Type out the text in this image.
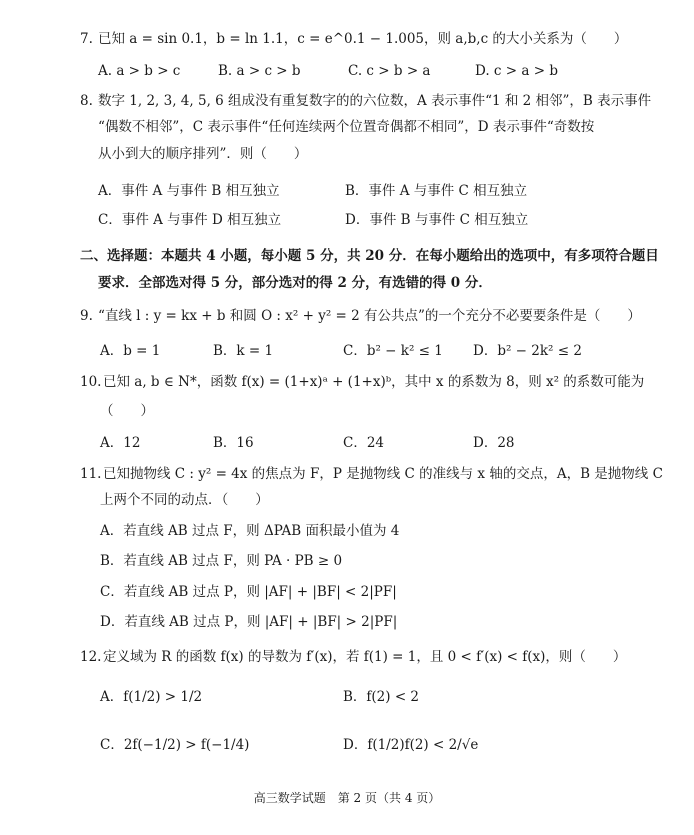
7. 已知 a = sin 0.1，b = ln 1.1，c = e^0.1 − 1.005，则 a,b,c 的大小关系为（　　）
A. a > b > c	B. a > c > b	C. c > b > a	D. c > a > b
8. 数字 1, 2, 3, 4, 5, 6 组成没有重复数字的的六位数，A 表示事件“1 和 2 相邻”，B 表示事件
“偶数不相邻”，C 表示事件“任何连续两个位置奇偶都不相同”，D 表示事件“奇数按
从小到大的顺序排列”．则（　　）
A．事件 A 与事件 B 相互独立	B．事件 A 与事件 C 相互独立
C．事件 A 与事件 D 相互独立	D．事件 B 与事件 C 相互独立
二、选择题：本题共 4 小题，每小题 5 分，共 20 分．在每小题给出的选项中，有多项符合题目
要求．全部选对得 5 分，部分选对的得 2 分，有选错的得 0 分．
9. “直线 l : y = kx + b 和圆 O : x² + y² = 2 有公共点”的一个充分不必要要条件是（　　）
A．b = 1	B．k = 1	C．b² − k² ≤ 1 D．b² − 2k² ≤ 2
10. 已知 a, b ∈ N*，函数 f(x) = (1+x)ᵃ + (1+x)ᵇ，其中 x 的系数为 8，则 x² 的系数可能为
（　　）
A．12	B．16	C．24	D．28
11. 已知抛物线 C : y² = 4x 的焦点为 F，P 是抛物线 C 的准线与 x 轴的交点，A，B 是抛物线 C
上两个不同的动点．（　　）
A．若直线 AB 过点 F，则 ΔPAB 面积最小值为 4
B．若直线 AB 过点 F，则 PA · PB ≥ 0
C．若直线 AB 过点 P，则 |AF| + |BF| < 2|PF|
D．若直线 AB 过点 P，则 |AF| + |BF| > 2|PF|
12. 定义域为 R 的函数 f(x) 的导数为 f′(x)，若 f(1) = 1，且 0 < f′(x) < f(x)，则（　　）
A．f(1/2) > 1/2	B．f(2) < 2
C．2f(−1/2) > f(−1/4)	D．f(1/2)f(2) < 2/√e
高三数学试题　第 2 页（共 4 页）
